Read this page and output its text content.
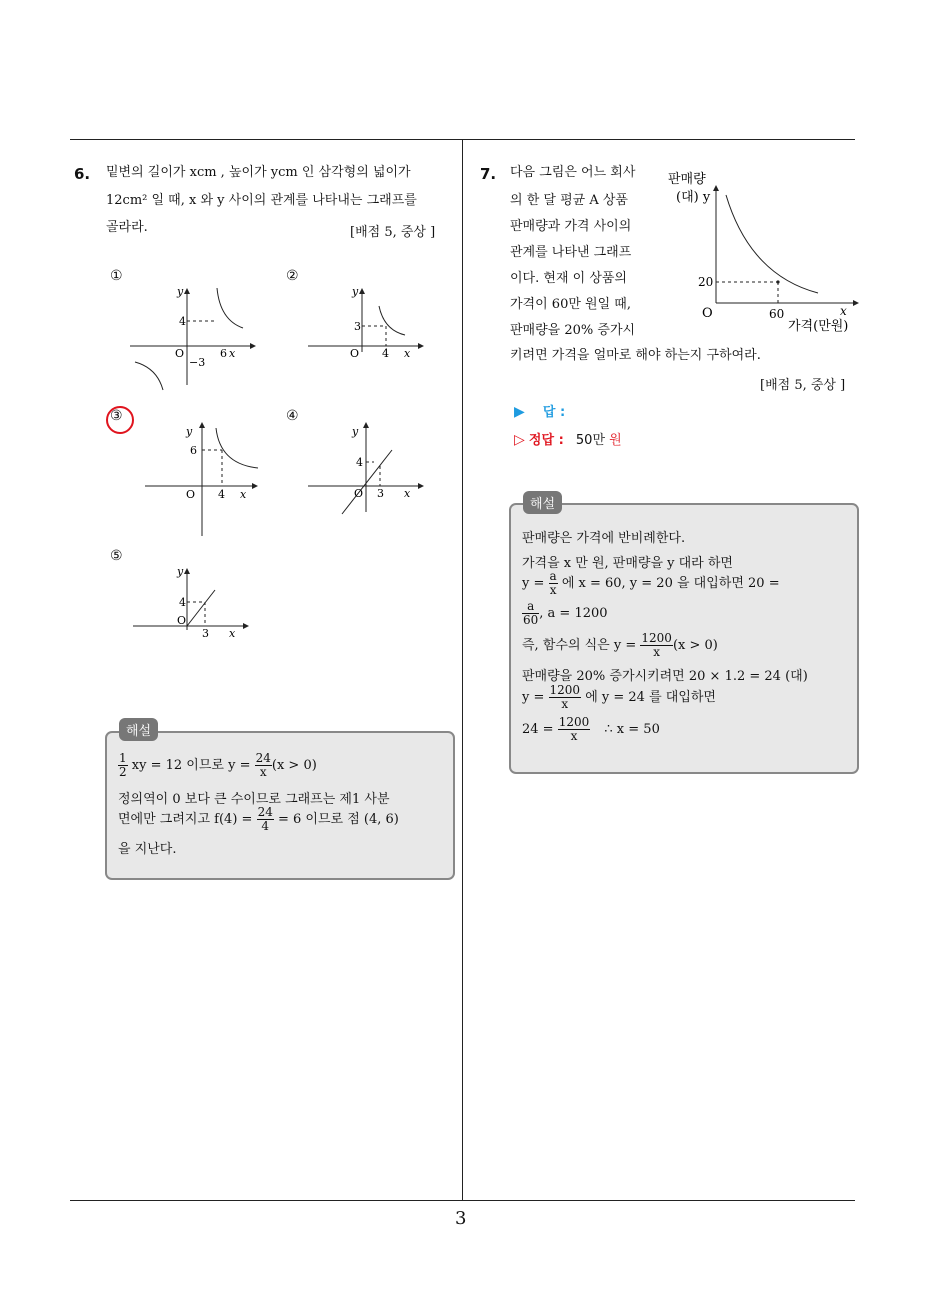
3
6. 밑변의 길이가 xcm , 높이가 ycm 인 삼각형의 넓이가
12cm² 일 때, x 와 y 사이의 관계를 나타내는 그래프를
골라라.	[배점 5, 중상 ]
①
y
x
O
4
6
−3
②
y
x
O
3
4
③
y
x
O
6
4
④
y
x
O
4
3
⑤
y
x
O
4
3
해설
$\frac{1}{2}$ xy = 12 이므로 $y = \frac{24}{x} (x > 0)$
정의역이 0 보다 큰 수이므로 그래프는 제1 사분
면에만 그려지고 $f(4) = \frac{24}{4} = 6$ 이므로 점 (4, 6)
을 지난다.
7. 다음 그림은 어느 회사
의 한 달 평균 A 상품
판매량과 가격 사이의
관계를 나타낸 그래프
이다. 현재 이 상품의
가격이 60만 원일 때,
판매량을 20% 증가시
키려면 가격을 얼마로 해야 하는지 구하여라.
[배점 5, 중상 ]
판매량
(대) y
20
O	60	x
가격(만원)
▶ 답 :
▷ 정답 : 50만 원
해설
판매량은 가격에 반비례한다.
가격을 x 만 원, 판매량을 y 대라 하면
$y = \frac{a}{x}$ 에 x = 60, y = 20 을 대입하면 20 =
$\frac{a}{60}$ , a = 1200
즉, 함수의 식은 $y = \frac{1200}{x} (x > 0)$
판매량을 20% 증가시키려면 20 × 1.2 = 24 (대)
$y = \frac{1200}{x}$ 에 y = 24 를 대입하면
$24 = \frac{1200}{x}$ ∴ x = 50
